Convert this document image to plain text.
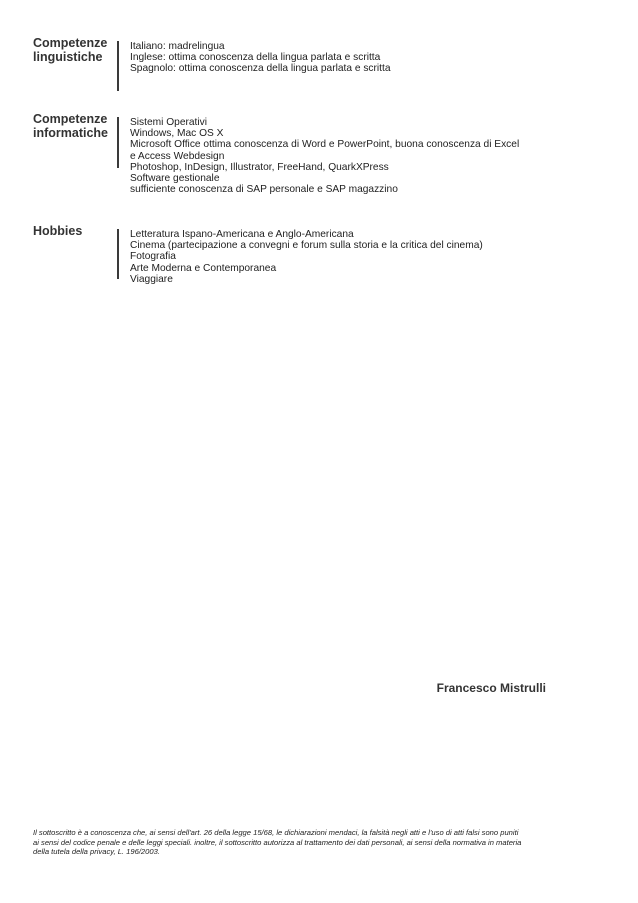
Competenze
linguistiche
Italiano: madrelingua
Inglese: ottima conoscenza della lingua parlata e scritta
Spagnolo: ottima conoscenza della lingua parlata e scritta
Competenze
informatiche
Sistemi Operativi
Windows, Mac OS X
Microsoft Office ottima conoscenza di Word e PowerPoint, buona conoscenza di Excel
e Access Webdesign
Photoshop, InDesign, Illustrator, FreeHand, QuarkXPress
Software gestionale
sufficiente conoscenza di SAP personale e SAP magazzino
Hobbies	Letteratura Ispano-Americana e Anglo-Americana
Cinema (partecipazione a convegni e forum sulla storia e la critica del cinema)
Fotografia
Arte Moderna e Contemporanea
Viaggiare
Francesco Mistrulli
Il sottoscritto è a conoscenza che, ai sensi dell'art. 26 della legge 15/68, le dichiarazioni mendaci, la falsità negli atti e l'uso di atti falsi sono puniti
ai sensi del codice penale e delle leggi speciali. inoltre, il sottoscritto autorizza al trattamento dei dati personali, ai sensi della normativa in materia
della tutela della privacy, L. 196/2003.
